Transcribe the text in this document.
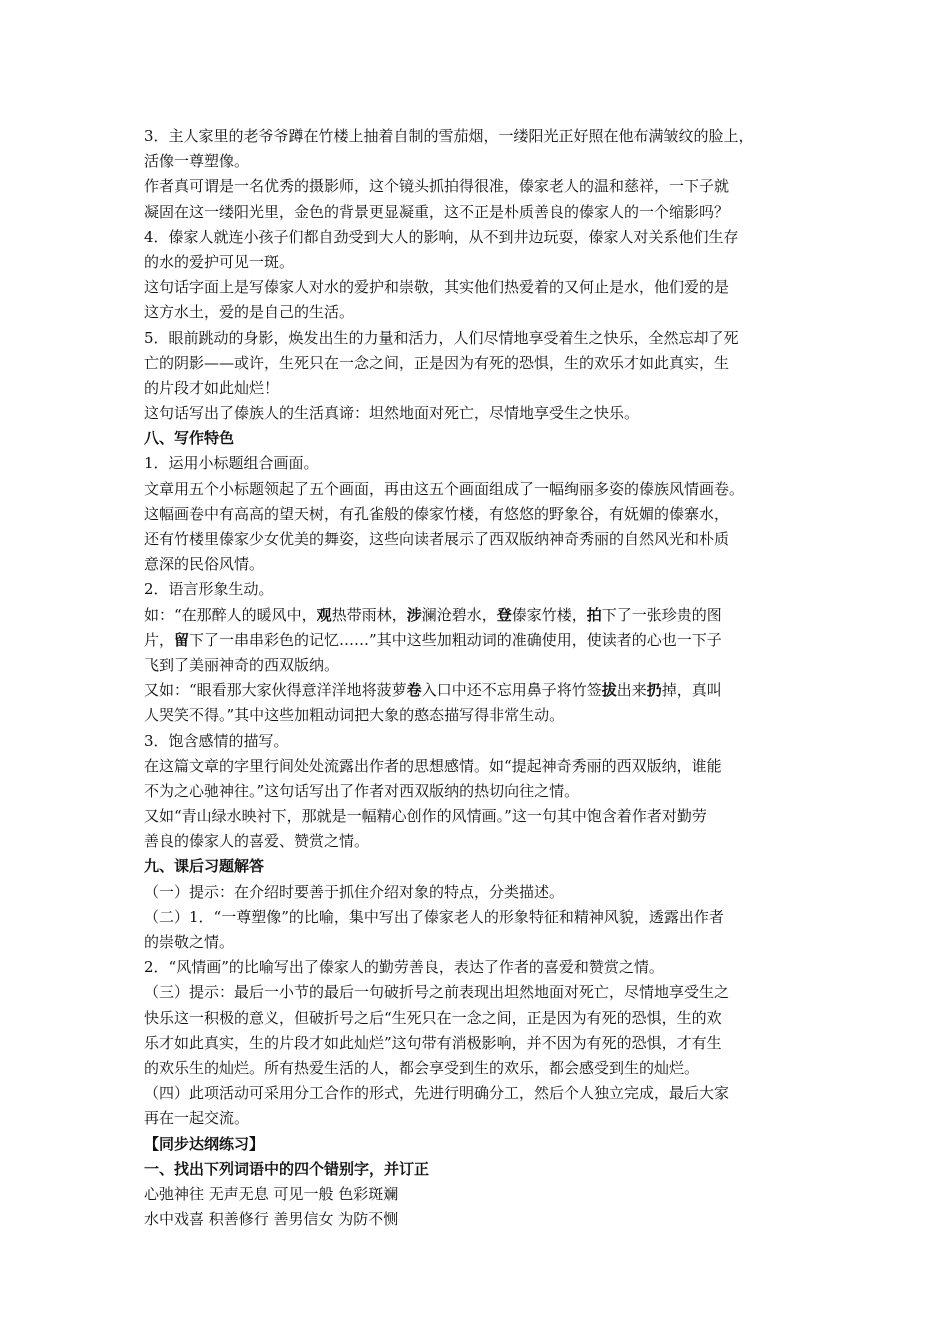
3．主人家里的老爷爷蹲在竹楼上抽着自制的雪茄烟，一缕阳光正好照在他布满皱纹的脸上，
活像一尊塑像。
作者真可谓是一名优秀的摄影师，这个镜头抓拍得很准，傣家老人的温和慈祥，一下子就
凝固在这一缕阳光里，金色的背景更显凝重，这不正是朴质善良的傣家人的一个缩影吗？
4．傣家人就连小孩子们都自劲受到大人的影响，从不到井边玩耍，傣家人对关系他们生存
的水的爱护可见一斑。
这句话字面上是写傣家人对水的爱护和崇敬，其实他们热爱着的又何止是水，他们爱的是
这方水土，爱的是自己的生活。
5．眼前跳动的身影，焕发出生的力量和活力，人们尽情地享受着生之快乐，全然忘却了死
亡的阴影——或许，生死只在一念之间，正是因为有死的恐惧，生的欢乐才如此真实，生
的片段才如此灿烂！
这句话写出了傣族人的生活真谛：坦然地面对死亡，尽情地享受生之快乐。
八、写作特色
1．运用小标题组合画面。
文章用五个小标题领起了五个画面，再由这五个画面组成了一幅绚丽多姿的傣族风情画卷。
这幅画卷中有高高的望天树，有孔雀般的傣家竹楼，有悠悠的野象谷，有妩媚的傣寨水，
还有竹楼里傣家少女优美的舞姿，这些向读者展示了西双版纳神奇秀丽的自然风光和朴质
意深的民俗风情。
2．语言形象生动。
如：“在那醉人的暖风中，观热带雨林，涉澜沧碧水，登傣家竹楼，拍下了一张珍贵的图
片，留下了一串串彩色的记忆……”其中这些加粗动词的准确使用，使读者的心也一下子
飞到了美丽神奇的西双版纳。
又如：“眼看那大家伙得意洋洋地将菠萝卷入口中还不忘用鼻子将竹签拔出来扔掉，真叫
人哭笑不得。”其中这些加粗动词把大象的憨态描写得非常生动。
3．饱含感情的描写。
在这篇文章的字里行间处处流露出作者的思想感情。如“提起神奇秀丽的西双版纳，谁能
不为之心驰神往。”这句话写出了作者对西双版纳的热切向往之情。
又如“青山绿水映衬下，那就是一幅精心创作的风情画。”这一句其中饱含着作者对勤劳
善良的傣家人的喜爱、赞赏之情。
九、课后习题解答
（一）提示：在介绍时要善于抓住介绍对象的特点，分类描述。
（二）1．“一尊塑像”的比喻，集中写出了傣家老人的形象特征和精神风貌，透露出作者
的崇敬之情。
2．“风情画”的比喻写出了傣家人的勤劳善良，表达了作者的喜爱和赞赏之情。
（三）提示：最后一小节的最后一句破折号之前表现出坦然地面对死亡，尽情地享受生之
快乐这一积极的意义，但破折号之后“生死只在一念之间，正是因为有死的恐惧，生的欢
乐才如此真实，生的片段才如此灿烂”这句带有消极影响，并不因为有死的恐惧，才有生
的欢乐生的灿烂。所有热爱生活的人，都会享受到生的欢乐，都会感受到生的灿烂。
（四）此项活动可采用分工合作的形式，先进行明确分工，然后个人独立完成，最后大家
再在一起交流。
【同步达纲练习】
一、找出下列词语中的四个错别字，并订正
心弛神往 无声无息 可见一般 色彩斑斓
水中戏喜 积善修行 善男信女 为防不恻
